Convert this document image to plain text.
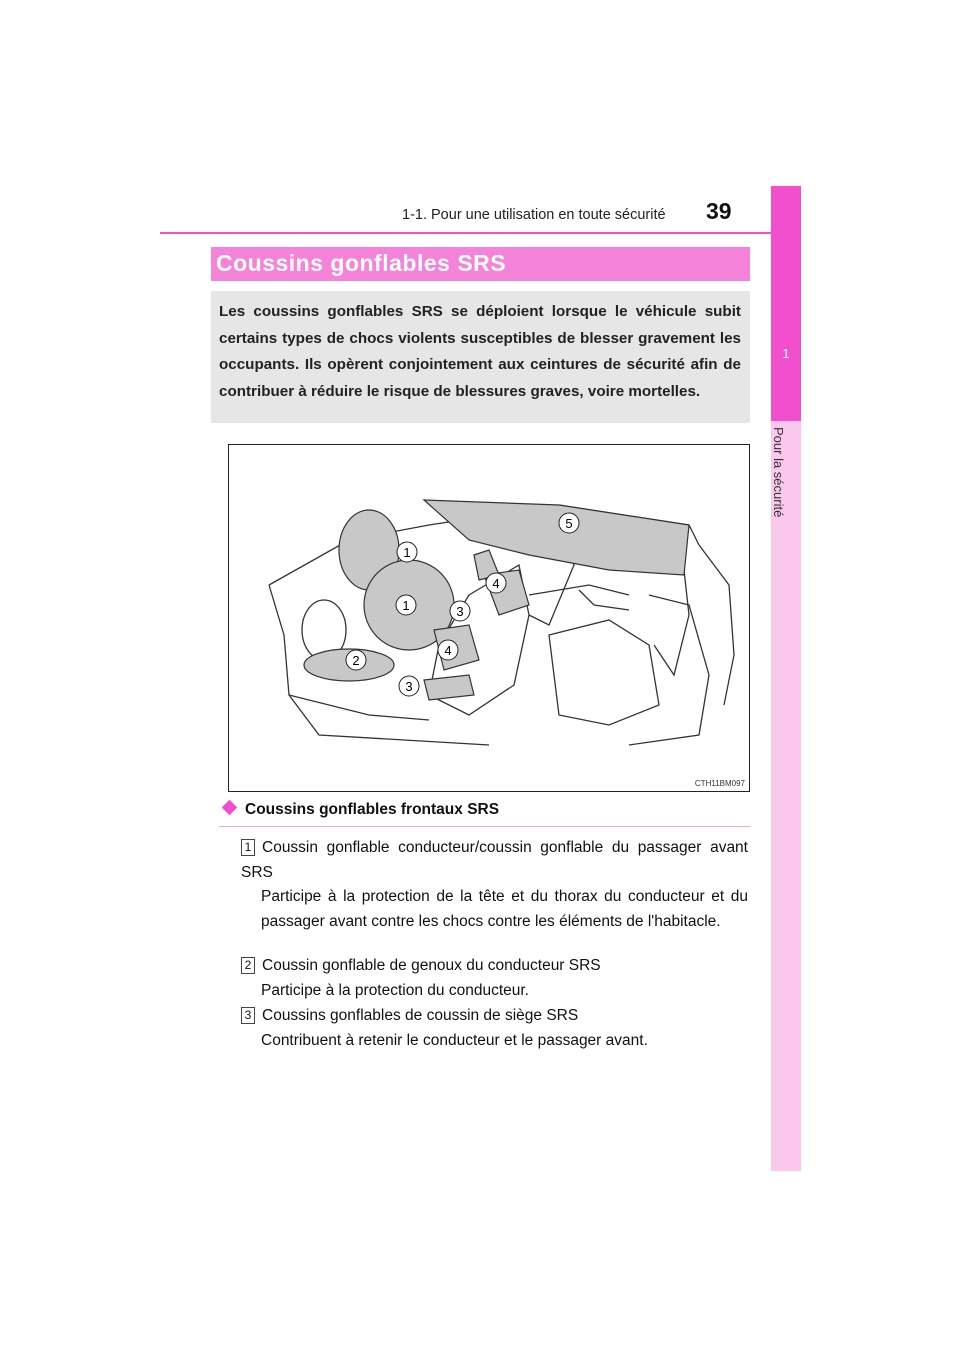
1
Pour la sécurité
1-1. Pour une utilisation en toute sécurité 39
Coussins gonflables SRS
Les coussins gonflables SRS se déploient lorsque le véhicule subit certains types de chocs violents susceptibles de blesser gravement les occupants. Ils opèrent conjointement aux ceintures de sécurité afin de contribuer à réduire le risque de blessures graves, voire mortelles.
1
1
2
3
3
4
4
5
CTH11BM097
Coussins gonflables frontaux SRS

1 Coussin gonflable conducteur/coussin gonflable du passager avant SRS

Participe à la protection de la tête et du thorax du conducteur et du passager avant contre les chocs contre les éléments de l'habitacle.

2 Coussin gonflable de genoux du conducteur SRS

Participe à la protection du conducteur.

3 Coussins gonflables de coussin de siège SRS

Contribuent à retenir le conducteur et le passager avant.
